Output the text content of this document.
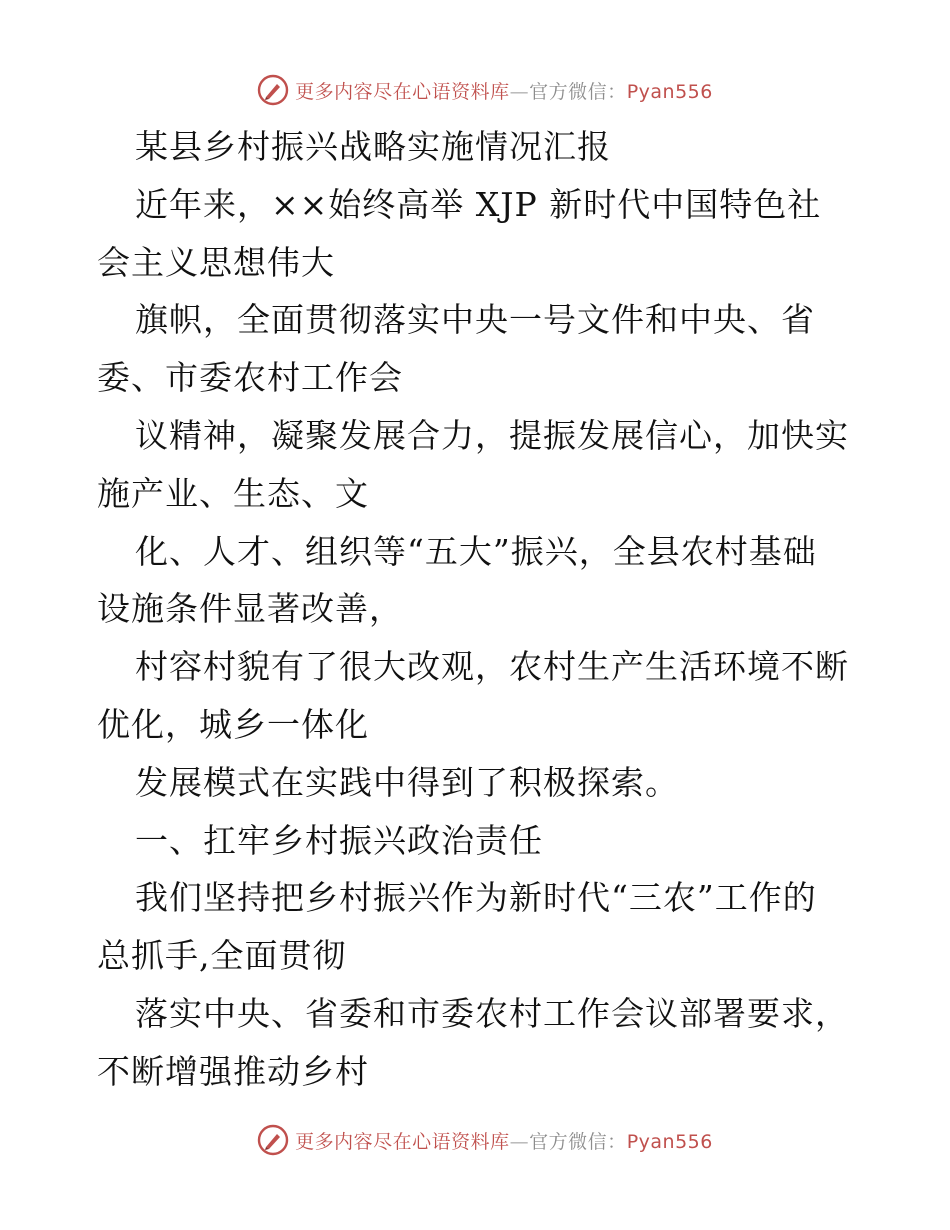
更多内容尽在心语资料库—官方微信：Pyan556
某县乡村振兴战略实施情况汇报
近年来，××始终高举 XJP 新时代中国特色社
会主义思想伟大
旗帜，全面贯彻落实中央一号文件和中央、省
委、市委农村工作会
议精神，凝聚发展合力，提振发展信心，加快实
施产业、生态、文
化、人才、组织等“五大”振兴，全县农村基础
设施条件显著改善，
村容村貌有了很大改观，农村生产生活环境不断
优化，城乡一体化
发展模式在实践中得到了积极探索。
一、扛牢乡村振兴政治责任
我们坚持把乡村振兴作为新时代“三农”工作的
总抓手,全面贯彻
落实中央、省委和市委农村工作会议部署要求，
不断增强推动乡村
更多内容尽在心语资料库—官方微信：Pyan556
